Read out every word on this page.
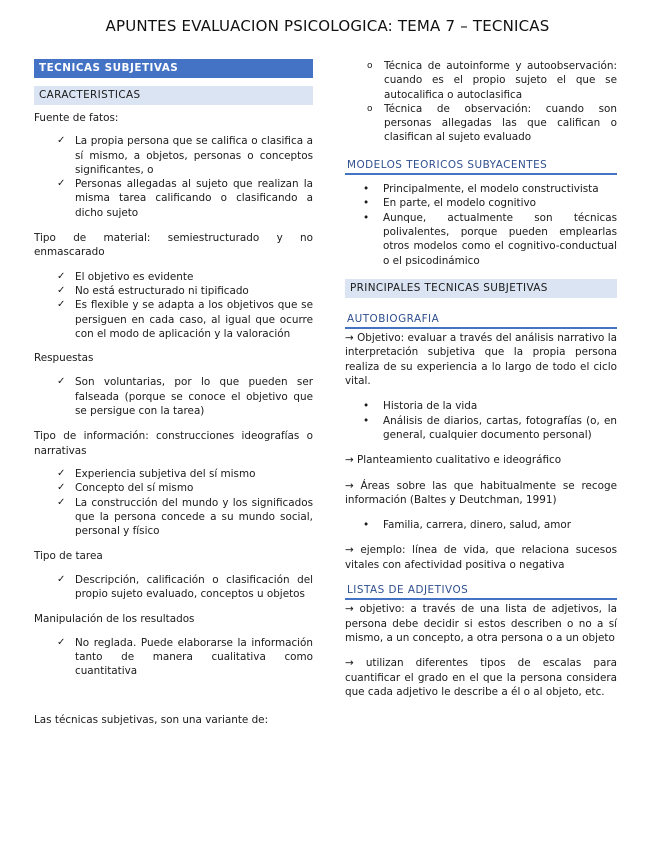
APUNTES EVALUACION PSICOLOGICA: TEMA 7 – TECNICAS
TECNICAS SUBJETIVAS
CARACTERISTICAS
Fuente de fatos:
✓ La propia persona que se califica o clasifica a sí mismo, a objetos, personas o conceptos significantes, o
✓ Personas allegadas al sujeto que realizan la misma tarea calificando o clasificando a dicho sujeto
Tipo de material: semiestructurado y no enmascarado
✓ El objetivo es evidente
✓ No está estructurado ni tipificado
✓ Es flexible y se adapta a los objetivos que se persiguen en cada caso, al igual que ocurre con el modo de aplicación y la valoración
Respuestas
✓ Son voluntarias, por lo que pueden ser falseada (porque se conoce el objetivo que se persigue con la tarea)
Tipo de información: construcciones ideografías o narrativas
✓ Experiencia subjetiva del sí mismo
✓ Concepto del sí mismo
✓ La construcción del mundo y los significados que la persona concede a su mundo social, personal y físico
Tipo de tarea
✓ Descripción, calificación o clasificación del propio sujeto evaluado, conceptos u objetos
Manipulación de los resultados
✓ No reglada. Puede elaborarse la información tanto de manera cualitativa como cuantitativa
Las técnicas subjetivas, son una variante de:
o Técnica de autoinforme y autoobservación: cuando es el propio sujeto el que se autocalifica o autoclasifica
o Técnica de observación: cuando son personas allegadas las que califican o clasifican al sujeto evaluado
MODELOS TEORICOS SUBYACENTES
• Principalmente, el modelo constructivista
• En parte, el modelo cognitivo
• Aunque, actualmente son técnicas polivalentes, porque pueden emplearlas otros modelos como el cognitivo-conductual o el psicodinámico
PRINCIPALES TECNICAS SUBJETIVAS
AUTOBIOGRAFIA
→ Objetivo: evaluar a través del análisis narrativo la interpretación subjetiva que la propia persona realiza de su experiencia a lo largo de todo el ciclo vital.
• Historia de la vida
• Análisis de diarios, cartas, fotografías (o, en general, cualquier documento personal)
→ Planteamiento cualitativo e ideográfico
→ Áreas sobre las que habitualmente se recoge información (Baltes y Deutchman, 1991)
• Familia, carrera, dinero, salud, amor
→ ejemplo: línea de vida, que relaciona sucesos vitales con afectividad positiva o negativa
LISTAS DE ADJETIVOS
→ objetivo: a través de una lista de adjetivos, la persona debe decidir si estos describen o no a sí mismo, a un concepto, a otra persona o a un objeto
→ utilizan diferentes tipos de escalas para cuantificar el grado en el que la persona considera que cada adjetivo le describe a él o al objeto, etc.
